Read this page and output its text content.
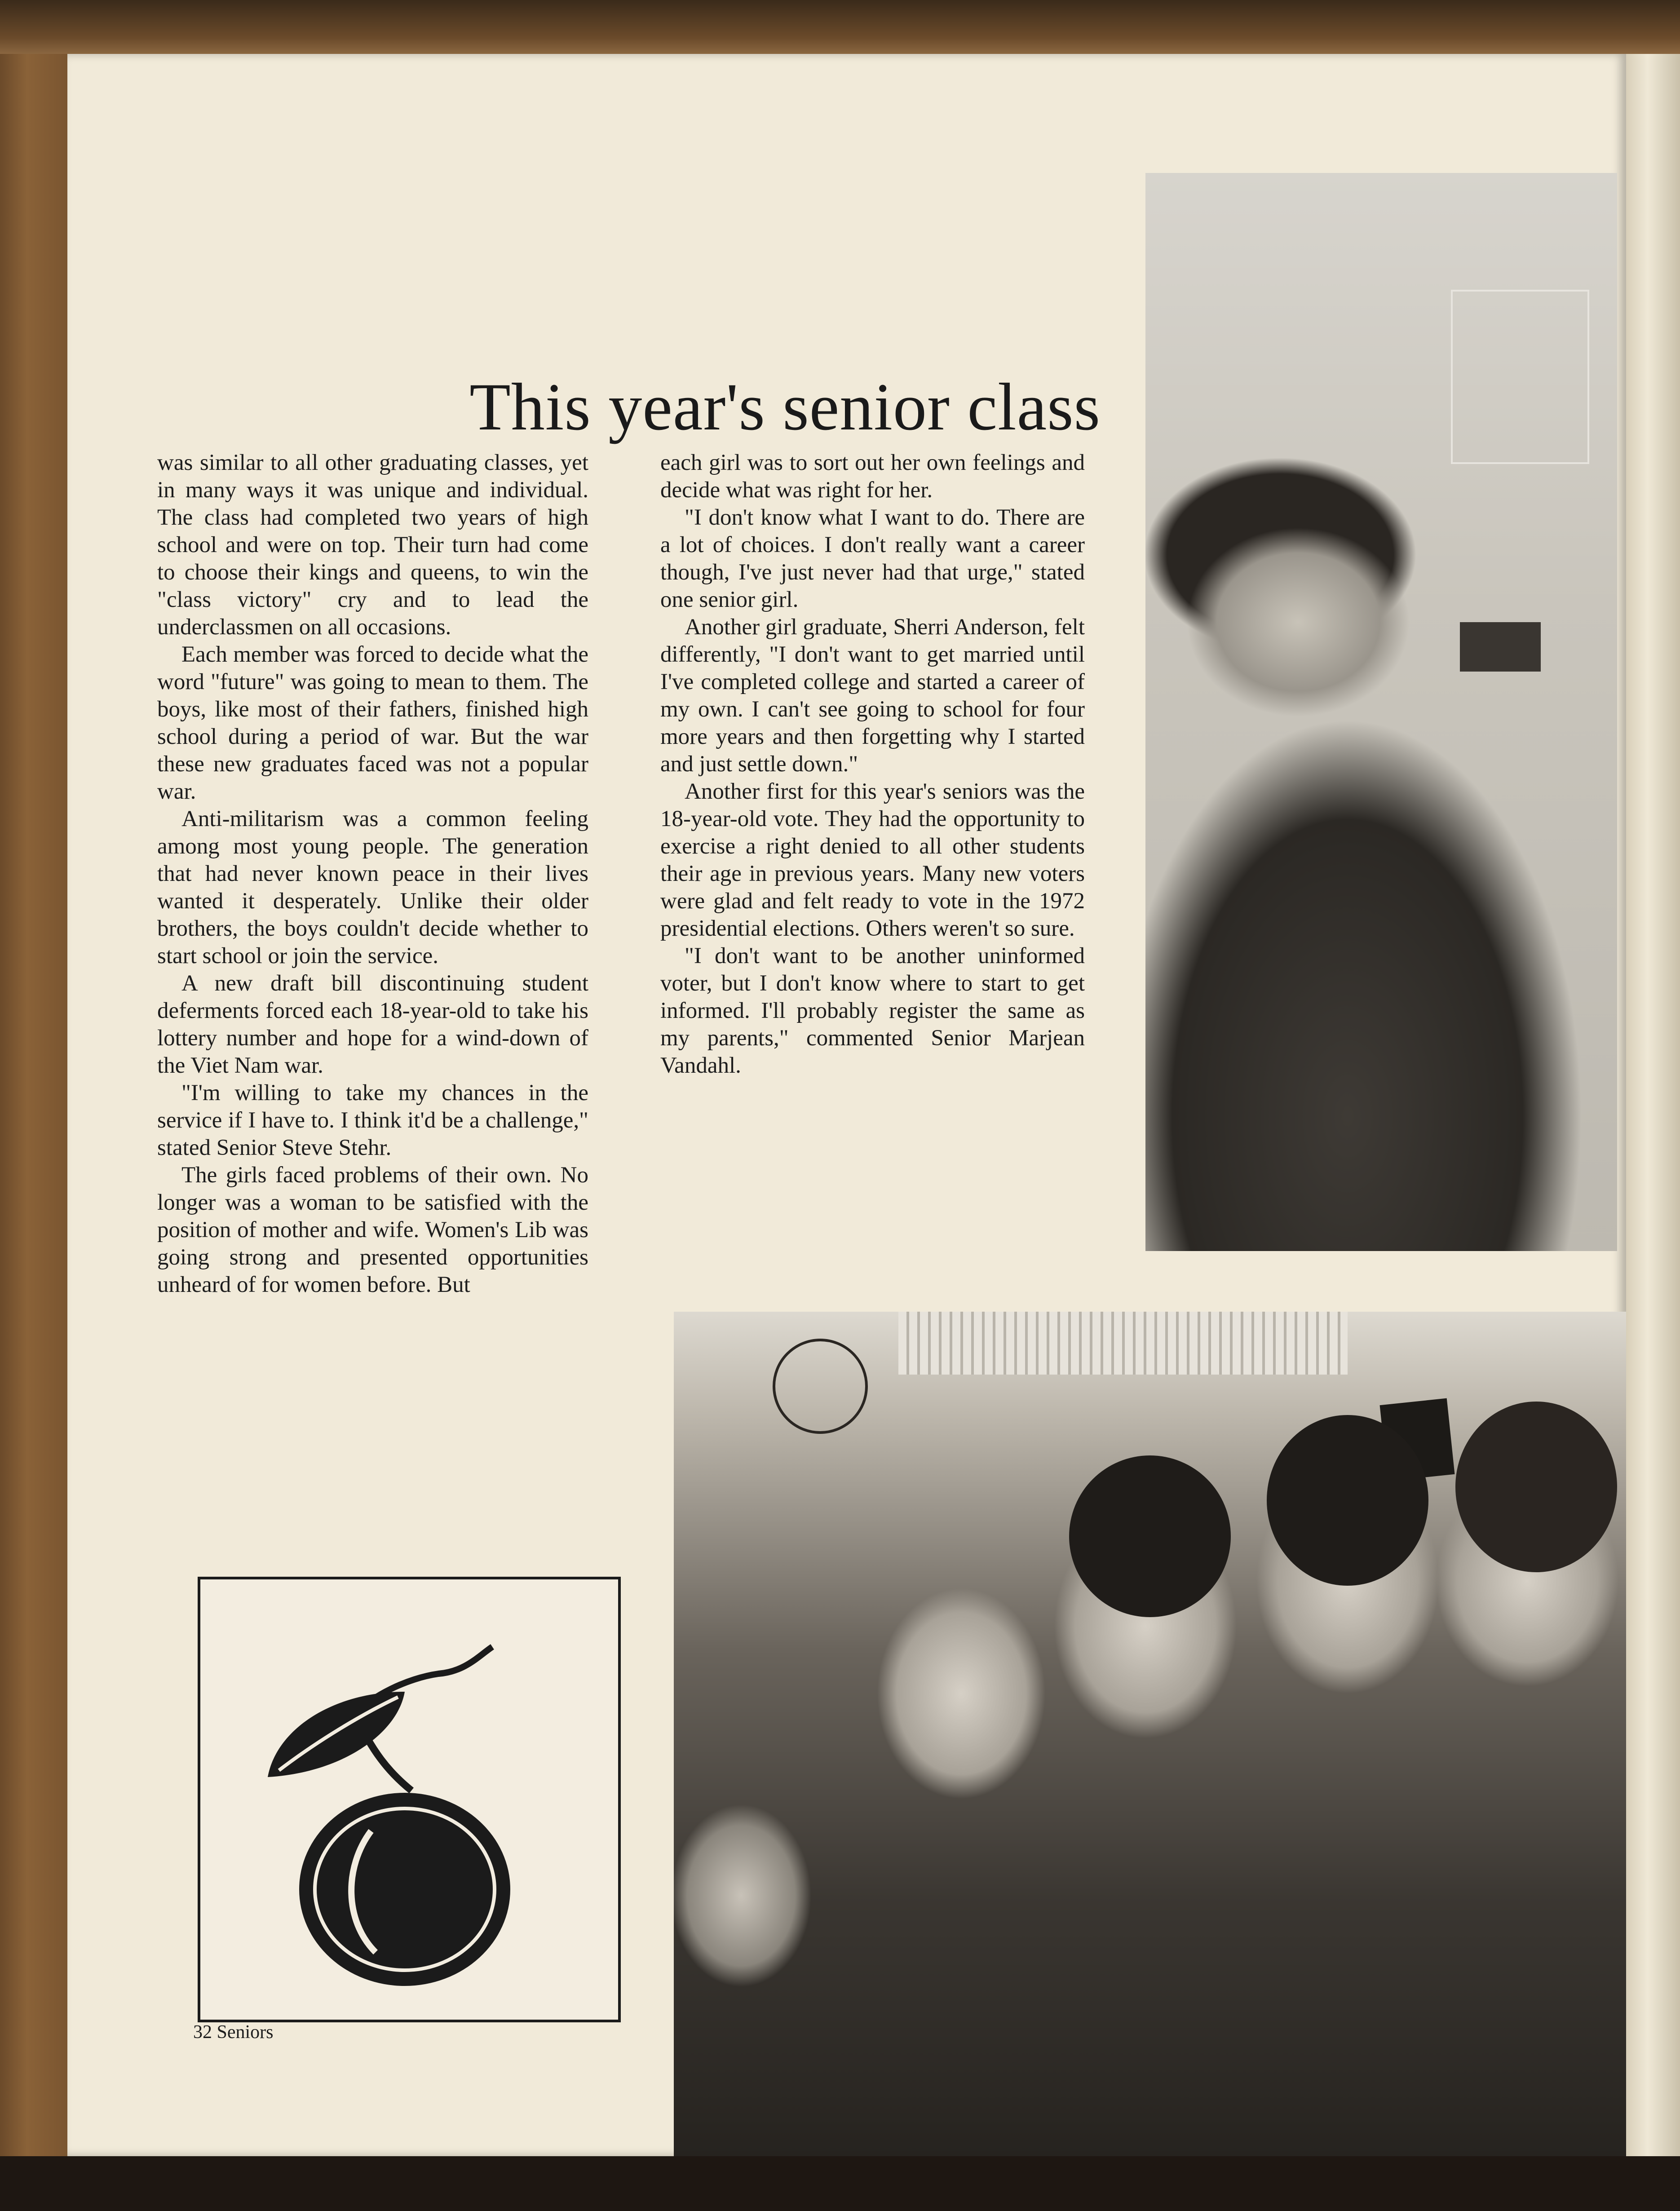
This year's senior class

was similar to all other graduating classes, yet in many ways it was unique and individual. The class had completed two years of high school and were on top. Their turn had come to choose their kings and queens, to win the "class victory" cry and to lead the underclassmen on all occasions.

Each member was forced to decide what the word "future" was going to mean to them. The boys, like most of their fathers, finished high school during a period of war. But the war these new graduates faced was not a popular war.

Anti-militarism was a common feeling among most young people. The generation that had never known peace in their lives wanted it desperately. Unlike their older brothers, the boys couldn't decide whether to start school or join the service.

A new draft bill discontinuing student deferments forced each 18-year-old to take his lottery number and hope for a wind-down of the Viet Nam war.

"I'm willing to take my chances in the service if I have to. I think it'd be a challenge," stated Senior Steve Stehr.

The girls faced problems of their own. No longer was a woman to be satisfied with the position of mother and wife. Women's Lib was going strong and presented opportunities unheard of for women before. But

each girl was to sort out her own feelings and decide what was right for her.

"I don't know what I want to do. There are a lot of choices. I don't really want a career though, I've just never had that urge," stated one senior girl.

Another girl graduate, Sherri Anderson, felt differently, "I don't want to get married until I've completed college and started a career of my own. I can't see going to school for four more years and then forgetting why I started and just settle down."

Another first for this year's seniors was the 18-year-old vote. They had the opportunity to exercise a right denied to all other students their age in previous years. Many new voters were glad and felt ready to vote in the 1972 presidential elections. Others weren't so sure.

"I don't want to be another uninformed voter, but I don't know where to start to get informed. I'll probably register the same as my parents," commented Senior Marjean Vandahl.

32 Seniors
